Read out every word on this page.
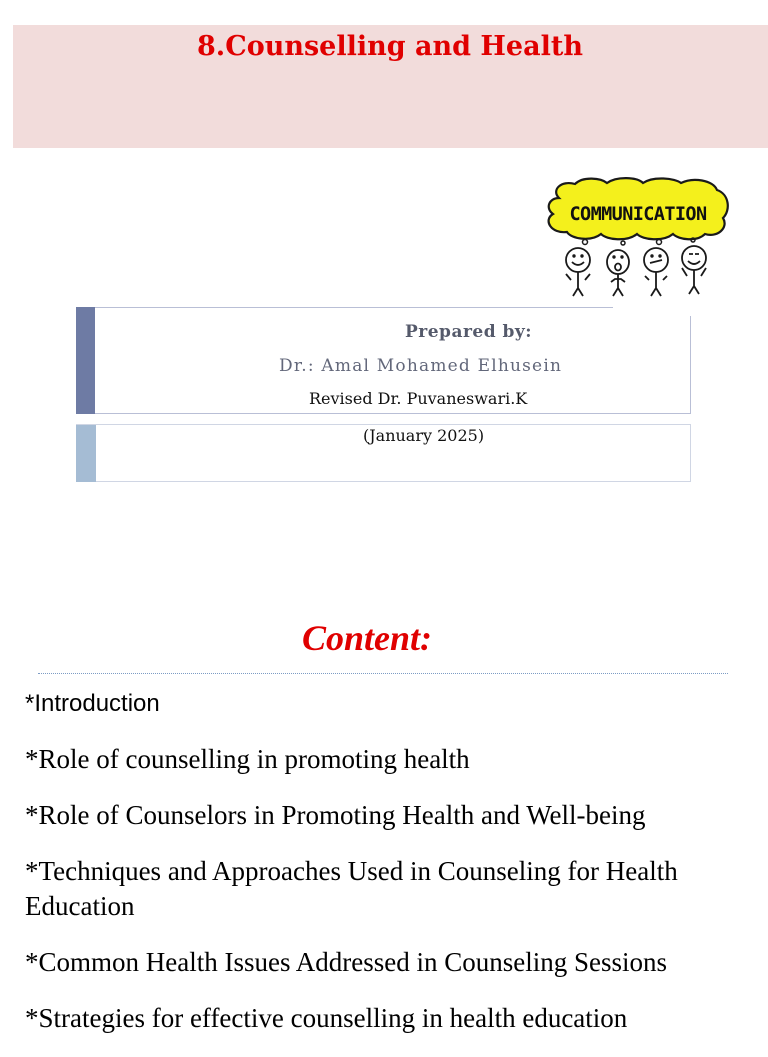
8.Counselling and Health
COMMUNICATION
Prepared by:
Dr.: Amal Mohamed Elhusein
Revised Dr. Puvaneswari.K
(January 2025)
Content:
*Introduction
*Role of counselling in promoting health
*Role of Counselors in Promoting Health and Well-being
*Techniques and Approaches Used in Counseling for Health Education
*Common Health Issues Addressed in Counseling Sessions
*Strategies for effective counselling in health education
